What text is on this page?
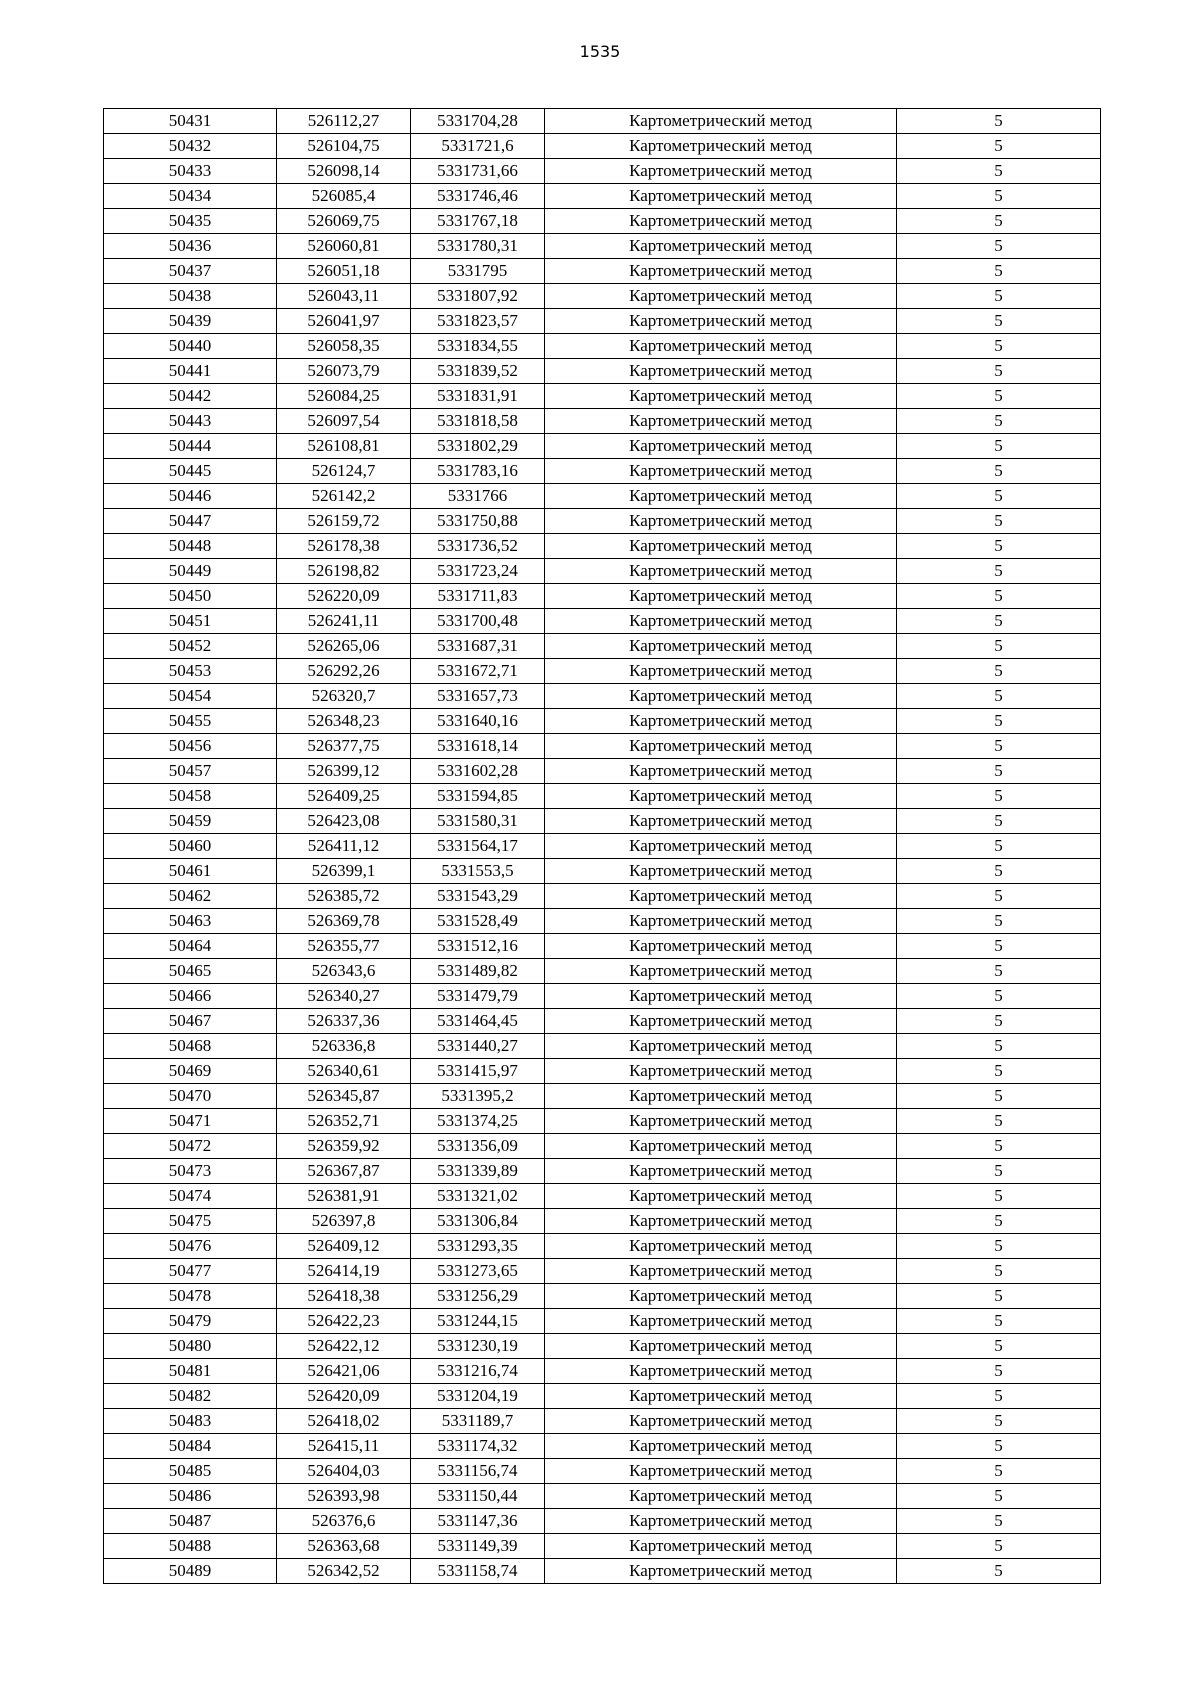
1535
50431	526112,27	5331704,28	Картометрический метод	5
50432	526104,75	5331721,6	Картометрический метод	5
50433	526098,14	5331731,66	Картометрический метод	5
50434	526085,4	5331746,46	Картометрический метод	5
50435	526069,75	5331767,18	Картометрический метод	5
50436	526060,81	5331780,31	Картометрический метод	5
50437	526051,18	5331795	Картометрический метод	5
50438	526043,11	5331807,92	Картометрический метод	5
50439	526041,97	5331823,57	Картометрический метод	5
50440	526058,35	5331834,55	Картометрический метод	5
50441	526073,79	5331839,52	Картометрический метод	5
50442	526084,25	5331831,91	Картометрический метод	5
50443	526097,54	5331818,58	Картометрический метод	5
50444	526108,81	5331802,29	Картометрический метод	5
50445	526124,7	5331783,16	Картометрический метод	5
50446	526142,2	5331766	Картометрический метод	5
50447	526159,72	5331750,88	Картометрический метод	5
50448	526178,38	5331736,52	Картометрический метод	5
50449	526198,82	5331723,24	Картометрический метод	5
50450	526220,09	5331711,83	Картометрический метод	5
50451	526241,11	5331700,48	Картометрический метод	5
50452	526265,06	5331687,31	Картометрический метод	5
50453	526292,26	5331672,71	Картометрический метод	5
50454	526320,7	5331657,73	Картометрический метод	5
50455	526348,23	5331640,16	Картометрический метод	5
50456	526377,75	5331618,14	Картометрический метод	5
50457	526399,12	5331602,28	Картометрический метод	5
50458	526409,25	5331594,85	Картометрический метод	5
50459	526423,08	5331580,31	Картометрический метод	5
50460	526411,12	5331564,17	Картометрический метод	5
50461	526399,1	5331553,5	Картометрический метод	5
50462	526385,72	5331543,29	Картометрический метод	5
50463	526369,78	5331528,49	Картометрический метод	5
50464	526355,77	5331512,16	Картометрический метод	5
50465	526343,6	5331489,82	Картометрический метод	5
50466	526340,27	5331479,79	Картометрический метод	5
50467	526337,36	5331464,45	Картометрический метод	5
50468	526336,8	5331440,27	Картометрический метод	5
50469	526340,61	5331415,97	Картометрический метод	5
50470	526345,87	5331395,2	Картометрический метод	5
50471	526352,71	5331374,25	Картометрический метод	5
50472	526359,92	5331356,09	Картометрический метод	5
50473	526367,87	5331339,89	Картометрический метод	5
50474	526381,91	5331321,02	Картометрический метод	5
50475	526397,8	5331306,84	Картометрический метод	5
50476	526409,12	5331293,35	Картометрический метод	5
50477	526414,19	5331273,65	Картометрический метод	5
50478	526418,38	5331256,29	Картометрический метод	5
50479	526422,23	5331244,15	Картометрический метод	5
50480	526422,12	5331230,19	Картометрический метод	5
50481	526421,06	5331216,74	Картометрический метод	5
50482	526420,09	5331204,19	Картометрический метод	5
50483	526418,02	5331189,7	Картометрический метод	5
50484	526415,11	5331174,32	Картометрический метод	5
50485	526404,03	5331156,74	Картометрический метод	5
50486	526393,98	5331150,44	Картометрический метод	5
50487	526376,6	5331147,36	Картометрический метод	5
50488	526363,68	5331149,39	Картометрический метод	5
50489	526342,52	5331158,74	Картометрический метод	5
